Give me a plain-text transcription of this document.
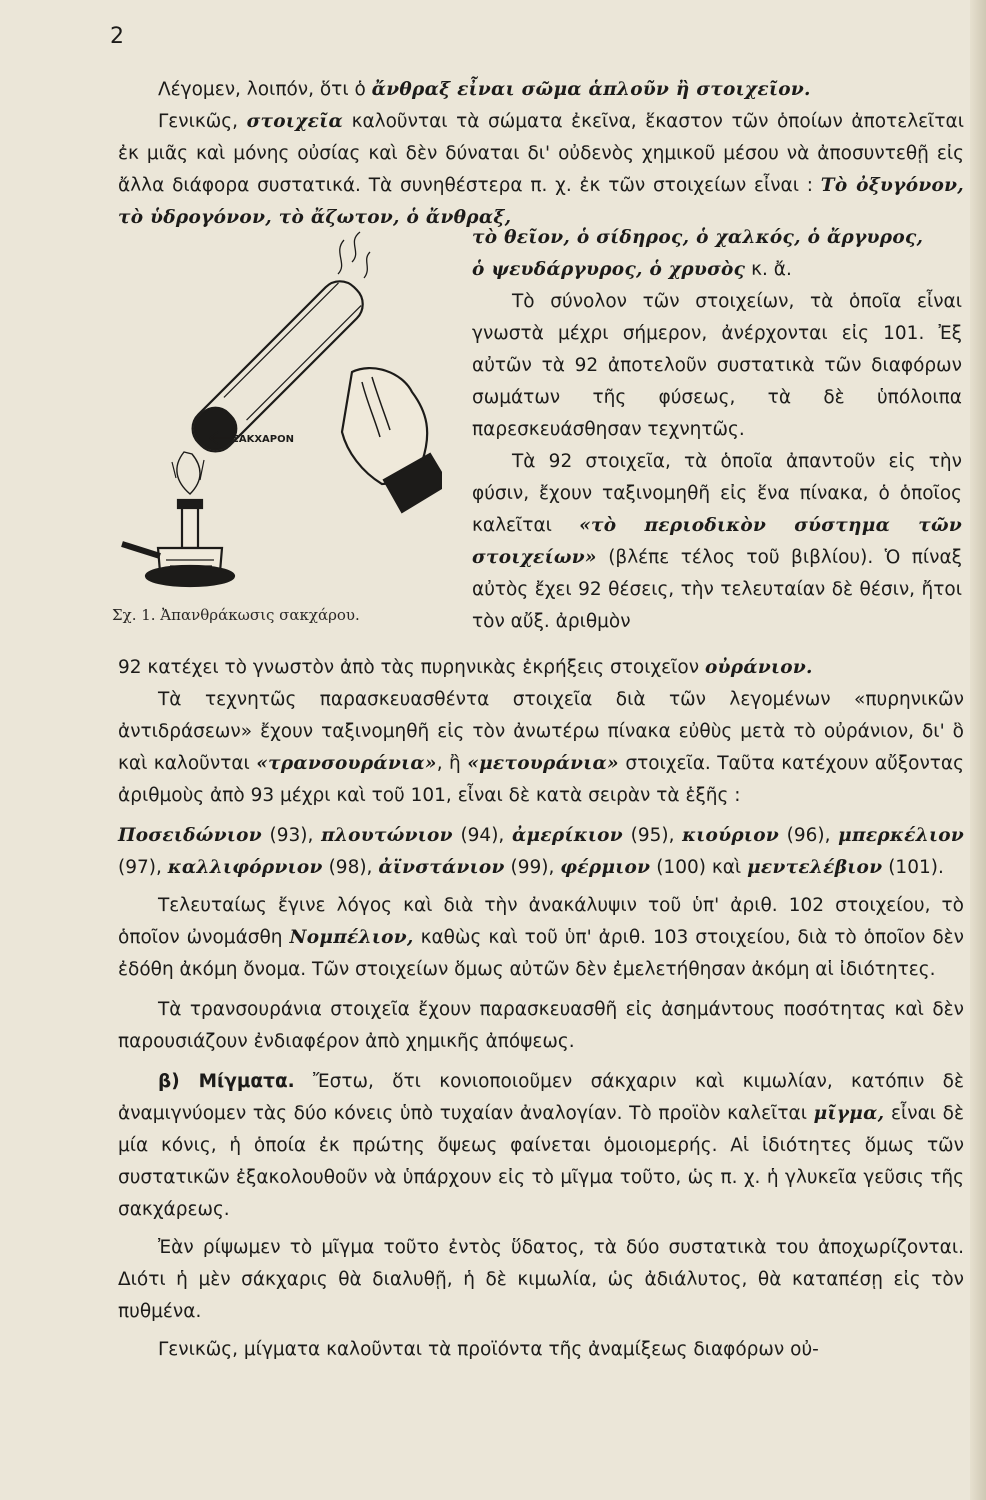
2

Λέγομεν, λοιπόν, ὅτι ὁ ἄνθραξ εἶναι σῶμα ἁπλοῦν ἢ στοιχεῖον.

Γενικῶς, στοιχεῖα καλοῦνται τὰ σώματα ἐκεῖνα, ἕκαστον τῶν ὁποίων ἀποτελεῖται ἐκ μιᾶς καὶ μόνης οὐσίας καὶ δὲν δύναται δι' οὐδενὸς χημικοῦ μέσου νὰ ἀποσυντεθῇ εἰς ἄλλα διάφορα συστατικά. Τὰ συνηθέστερα π. χ. ἐκ τῶν στοιχείων εἶναι : Τὸ ὀξυγόνον, τὸ ὑδρογόνον, τὸ ἄζωτον, ὁ ἄνθραξ,

ΣΑΚΧΑΡΟΝ
Σχ. 1. Ἀπανθράκωσις σακχάρου.

τὸ θεῖον, ὁ σίδηρος, ὁ χαλκός, ὁ ἄργυρος,

ὁ ψευδάργυρος, ὁ χρυσὸς κ. ἄ.

Τὸ σύνολον τῶν στοιχείων, τὰ ὁποῖα εἶναι γνωστὰ μέχρι σήμερον, ἀνέρχονται εἰς 101. Ἐξ αὐτῶν τὰ 92 ἀποτελοῦν συστατικὰ τῶν διαφόρων σωμάτων τῆς φύσεως, τὰ δὲ ὑπόλοιπα παρεσκευάσθησαν τεχνητῶς.

Τὰ 92 στοιχεῖα, τὰ ὁποῖα ἀπαντοῦν εἰς τὴν φύσιν, ἔχουν ταξινομηθῆ εἰς ἕνα πίνακα, ὁ ὁποῖος καλεῖται «τὸ περιοδικὸν σύστημα τῶν στοιχείων» (βλέπε τέλος τοῦ βιβλίου). Ὁ πίναξ αὐτὸς ἔχει 92 θέσεις, τὴν τελευταίαν δὲ θέσιν, ἤτοι τὸν αὔξ. ἀριθμὸν

92 κατέχει τὸ γνωστὸν ἀπὸ τὰς πυρηνικὰς ἐκρήξεις στοιχεῖον οὐράνιον.

Τὰ τεχνητῶς παρασκευασθέντα στοιχεῖα διὰ τῶν λεγομένων «πυρηνικῶν ἀντιδράσεων» ἔχουν ταξινομηθῆ εἰς τὸν ἀνωτέρω πίνακα εὐθὺς μετὰ τὸ οὐράνιον, δι' ὃ καὶ καλοῦνται «τρανσουράνια», ἢ «μετουράνια» στοιχεῖα. Ταῦτα κατέχουν αὔξοντας ἀριθμοὺς ἀπὸ 93 μέχρι καὶ τοῦ 101, εἶναι δὲ κατὰ σειρὰν τὰ ἑξῆς :

Ποσειδώνιον (93), πλουτώνιον (94), ἀμερίκιον (95), κιούριον (96), μπερκέλιον (97), καλλιφόρνιον (98), ἀϊνστάνιον (99), φέρμιον (100) καὶ μεντελέβιον (101).

Τελευταίως ἔγινε λόγος καὶ διὰ τὴν ἀνακάλυψιν τοῦ ὑπ' ἀριθ. 102 στοιχείου, τὸ ὁποῖον ὠνομάσθη Νομπέλιον, καθὼς καὶ τοῦ ὑπ' ἀριθ. 103 στοιχείου, διὰ τὸ ὁποῖον δὲν ἐδόθη ἀκόμη ὄνομα. Τῶν στοιχείων ὅμως αὐτῶν δὲν ἐμελετήθησαν ἀκόμη αἱ ἰδιότητες.

Τὰ τρανσουράνια στοιχεῖα ἔχουν παρασκευασθῆ εἰς ἀσημάντους ποσότητας καὶ δὲν παρουσιάζουν ἐνδιαφέρον ἀπὸ χημικῆς ἀπόψεως.

β) Μίγματα. Ἔστω, ὅτι κονιοποιοῦμεν σάκχαριν καὶ κιμωλίαν, κατόπιν δὲ ἀναμιγνύομεν τὰς δύο κόνεις ὑπὸ τυχαίαν ἀναλογίαν. Τὸ προϊὸν καλεῖται μῖγμα, εἶναι δὲ μία κόνις, ἡ ὁποία ἐκ πρώτης ὄψεως φαίνεται ὁμοιομερής. Αἱ ἰδιότητες ὅμως τῶν συστατικῶν ἐξακολουθοῦν νὰ ὑπάρχουν εἰς τὸ μῖγμα τοῦτο, ὡς π. χ. ἡ γλυκεῖα γεῦσις τῆς σακχάρεως.

Ἐὰν ρίψωμεν τὸ μῖγμα τοῦτο ἐντὸς ὕδατος, τὰ δύο συστατικὰ του ἀποχωρίζονται. Διότι ἡ μὲν σάκχαρις θὰ διαλυθῇ, ἡ δὲ κιμωλία, ὡς ἀδιάλυτος, θὰ καταπέσῃ εἰς τὸν πυθμένα.

Γενικῶς, μίγματα καλοῦνται τὰ προϊόντα τῆς ἀναμίξεως διαφόρων οὐ-
